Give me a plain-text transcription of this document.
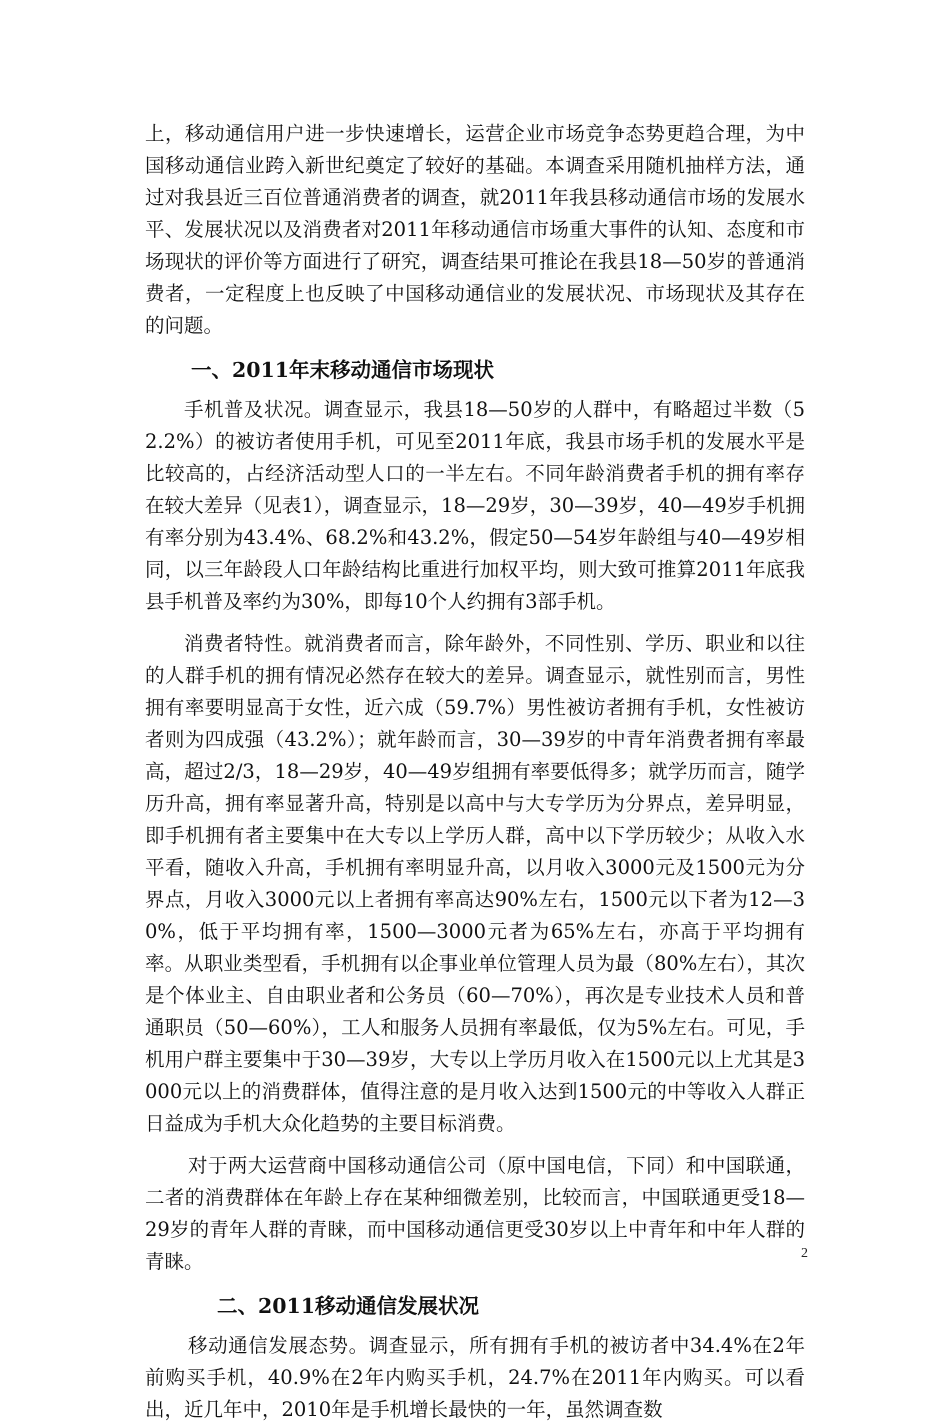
上，移动通信用户进一步快速增长，运营企业市场竞争态势更趋合理，为中国移动通信业跨入新世纪奠定了较好的基础。本调查采用随机抽样方法，通过对我县近三百位普通消费者的调查，就2011年我县移动通信市场的发展水平、发展状况以及消费者对2011年移动通信市场重大事件的认知、态度和市场现状的评价等方面进行了研究，调查结果可推论在我县18—50岁的普通消费者，一定程度上也反映了中国移动通信业的发展状况、市场现状及其存在的问题。

一、2011年末移动通信市场现状

手机普及状况。调查显示，我县18—50岁的人群中，有略超过半数（52.2%）的被访者使用手机，可见至2011年底，我县市场手机的发展水平是比较高的，占经济活动型人口的一半左右。不同年龄消费者手机的拥有率存在较大差异（见表1），调查显示，18—29岁，30—39岁，40—49岁手机拥有率分别为43.4%、68.2%和43.2%，假定50—54岁年龄组与40—49岁相同，以三年龄段人口年龄结构比重进行加权平均，则大致可推算2011年底我县手机普及率约为30%，即每10个人约拥有3部手机。

消费者特性。就消费者而言，除年龄外，不同性别、学历、职业和以往的人群手机的拥有情况必然存在较大的差异。调查显示，就性别而言，男性拥有率要明显高于女性，近六成（59.7%）男性被访者拥有手机，女性被访者则为四成强（43.2%）；就年龄而言，30—39岁的中青年消费者拥有率最高，超过2/3，18—29岁，40—49岁组拥有率要低得多；就学历而言，随学历升高，拥有率显著升高，特别是以高中与大专学历为分界点，差异明显，即手机拥有者主要集中在大专以上学历人群，高中以下学历较少；从收入水平看，随收入升高，手机拥有率明显升高，以月收入3000元及1500元为分界点，月收入3000元以上者拥有率高达90%左右，1500元以下者为12—30%，低于平均拥有率，1500—3000元者为65%左右，亦高于平均拥有率。从职业类型看，手机拥有以企事业单位管理人员为最（80%左右），其次是个体业主、自由职业者和公务员（60—70%），再次是专业技术人员和普通职员（50—60%），工人和服务人员拥有率最低，仅为5%左右。可见，手机用户群主要集中于30—39岁，大专以上学历月收入在1500元以上尤其是3000元以上的消费群体，值得注意的是月收入达到1500元的中等收入人群正日益成为手机大众化趋势的主要目标消费。

对于两大运营商中国移动通信公司（原中国电信，下同）和中国联通，二者的消费群体在年龄上存在某种细微差别，比较而言，中国联通更受18—29岁的青年人群的青睐，而中国移动通信更受30岁以上中青年和中年人群的青睐。

二、2011移动通信发展状况

移动通信发展态势。调查显示，所有拥有手机的被访者中34.4%在2年前购买手机，40.9%在2年内购买手机，24.7%在2011年内购买。可以看出，近几年中，2010年是手机增长最快的一年，虽然调查数

2
